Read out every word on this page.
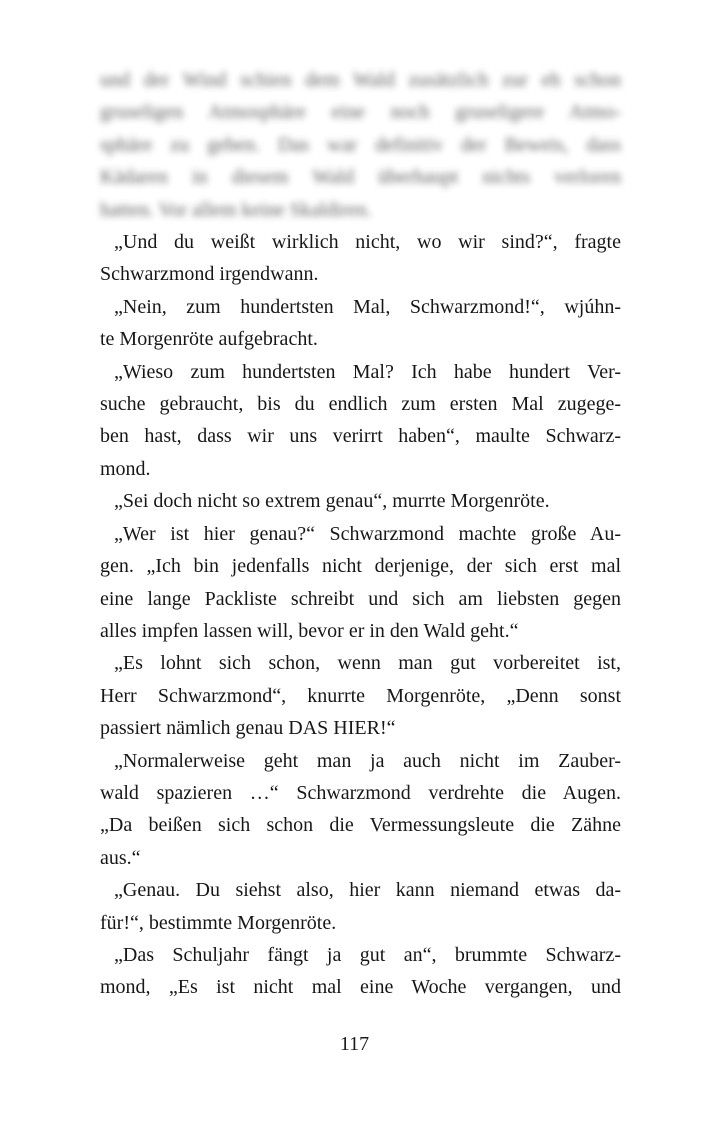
und der Wind schien dem Wald zusätzlich zur eh schon
gruseligen Atmosphäre eine noch gruseligere Atmo-
sphäre zu geben. Das war definitiv der Beweis, dass
Kädaren in diesem Wald überhaupt nichts verloren
hatten. Vor allem keine Skaldiren.
„Und du weißt wirklich nicht, wo wir sind?“, fragte
Schwarzmond irgendwann.
„Nein, zum hundertsten Mal, Schwarzmond!“, wjúhn-
te Morgenröte aufgebracht.
„Wieso zum hundertsten Mal? Ich habe hundert Ver-
suche gebraucht, bis du endlich zum ersten Mal zugege-
ben hast, dass wir uns verirrt haben“, maulte Schwarz-
mond.
„Sei doch nicht so extrem genau“, murrte Morgenröte.
„Wer ist hier genau?“ Schwarzmond machte große Au-
gen. „Ich bin jedenfalls nicht derjenige, der sich erst mal
eine lange Packliste schreibt und sich am liebsten gegen
alles impfen lassen will, bevor er in den Wald geht.“
„Es lohnt sich schon, wenn man gut vorbereitet ist,
Herr Schwarzmond“, knurrte Morgenröte, „Denn sonst
passiert nämlich genau DAS HIER!“
„Normalerweise geht man ja auch nicht im Zauber-
wald spazieren …“ Schwarzmond verdrehte die Augen.
„Da beißen sich schon die Vermessungsleute die Zähne
aus.“
„Genau. Du siehst also, hier kann niemand etwas da-
für!“, bestimmte Morgenröte.
„Das Schuljahr fängt ja gut an“, brummte Schwarz-
mond, „Es ist nicht mal eine Woche vergangen, und
117
